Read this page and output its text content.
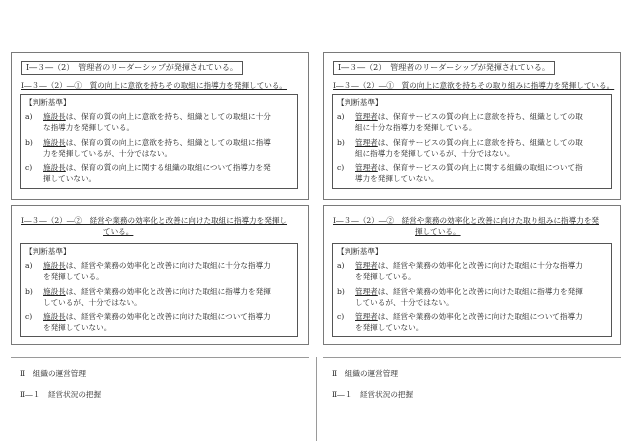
Ⅰ―３―（2）　管理者のリーダーシップが発揮されている。
Ⅰ―３―（2）―①　質の向上に意欲を持ちその取組に指導力を発揮している。
【判断基準】
a) 施設長は、保育の質の向上に意欲を持ち、組織としての取組に十分
な指導力を発揮している。
b) 施設長は、保育の質の向上に意欲を持ち、組織としての取組に指導
力を発揮しているが、十分ではない。
c) 施設長は、保育の質の向上に関する組織の取組について指導力を発
揮していない。
Ⅰ―３―（2）―②　経営や業務の効率化と改善に向けた取組に指導力を発揮し
ている。
【判断基準】
a) 施設長は、経営や業務の効率化と改善に向けた取組に十分な指導力
を発揮している。
b) 施設長は、経営や業務の効率化と改善に向けた取組に指導力を発揮
しているが、十分ではない。
c) 施設長は、経営や業務の効率化と改善に向けた取組について指導力
を発揮していない。
Ⅱ　組織の運営管理
Ⅱ―１　経営状況の把握
Ⅰ―３―（2）　管理者のリーダーシップが発揮されている。
Ⅰ―３―（2）―①　質の向上に意欲を持ちその取り組みに指導力を発揮している。
【判断基準】
a) 管理者は、保育サービスの質の向上に意欲を持ち、組織としての取
組に十分な指導力を発揮している。
b) 管理者は、保育サービスの質の向上に意欲を持ち、組織としての取
組に指導力を発揮しているが、十分ではない。
c) 管理者は、保育サービスの質の向上に関する組織の取組について指
導力を発揮していない。
Ⅰ―３―（2）―②　経営や業務の効率化と改善に向けた取り組みに指導力を発
揮している。
【判断基準】
a) 管理者は、経営や業務の効率化と改善に向けた取組に十分な指導力
を発揮している。
b) 管理者は、経営や業務の効率化と改善に向けた取組に指導力を発揮
しているが、十分ではない。
c) 管理者は、経営や業務の効率化と改善に向けた取組について指導力
を発揮していない。
Ⅱ　組織の運営管理
Ⅱ―１　経営状況の把握
